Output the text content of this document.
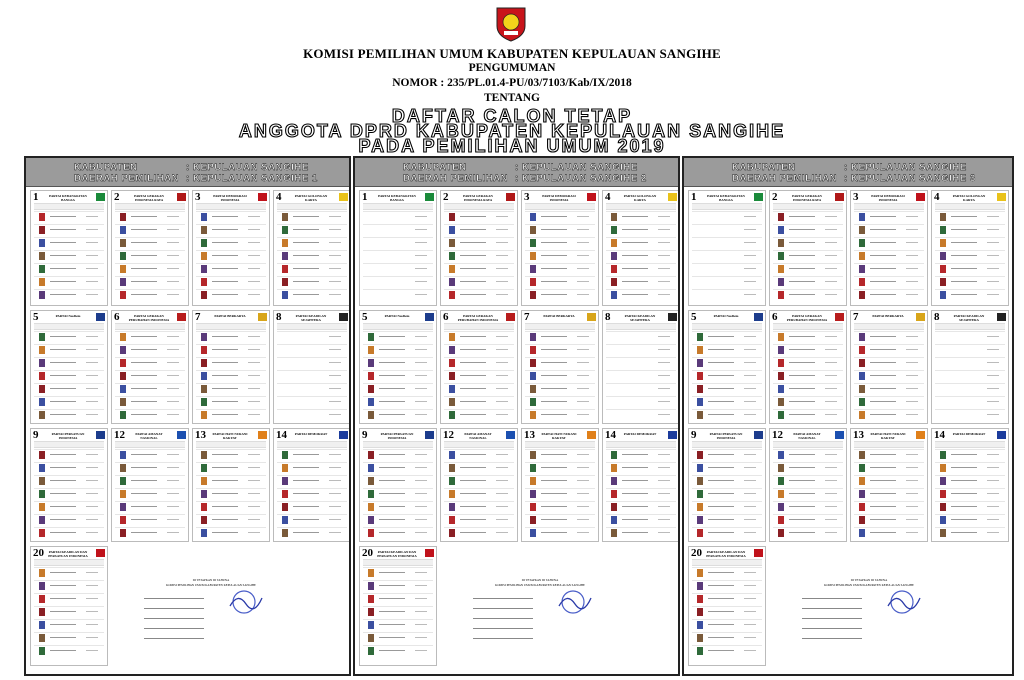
KOMISI PEMILIHAN UMUM KABUPATEN KEPULAUAN SANGIHE
PENGUMUMAN
NOMOR : 235/PL.01.4-PU/03/7103/Kab/IX/2018
TENTANG
DAFTAR CALON TETAP
ANGGOTA DPRD KABUPATEN KEPULAUAN SANGIHE
PADA PEMILIHAN UMUM 2019
KABUPATEN	: KEPULAUAN SANGIHE
DAERAH PEMILIHAN : KEPULAUAN SANGIHE 1
1	PARTAI KEBANGKITAN BANGSA	2	PARTAI GERAKAN INDONESIA RAYA	3	PARTAI DEMOKRASI INDONESIA	4	PARTAI GOLONGAN KARYA
5	PARTAI NasDem	6	PARTAI GERAKAN PERUBAHAN INDONESIA 7	PARTAI BERKARYA	8	PARTAI KEADILAN SEJAHTERA
9	PARTAI PERSATUAN INDONESIA	12	PARTAI AMANAT NASIONAL	13	PARTAI HATI NURANI RAKYAT	14	PARTAI DEMOKRAT
20	PARTAI KEADILAN DAN PERSATUAN INDONESIA
DI TETAPKAN DI TAHUNA
KOMISI PEMILIHAN UMUM KABUPATEN KEPULAUAN SANGIHE
KABUPATEN	: KEPULAUAN SANGIHE
DAERAH PEMILIHAN : KEPULAUAN SANGIHE 2
1	PARTAI KEBANGKITAN BANGSA	2	PARTAI GERAKAN INDONESIA RAYA	3	PARTAI DEMOKRASI INDONESIA	4	PARTAI GOLONGAN KARYA
5	PARTAI NasDem	6	PARTAI GERAKAN PERUBAHAN INDONESIA 7	PARTAI BERKARYA	8	PARTAI KEADILAN SEJAHTERA
9	PARTAI PERSATUAN INDONESIA	12	PARTAI AMANAT NASIONAL	13	PARTAI HATI NURANI RAKYAT	14	PARTAI DEMOKRAT
20	PARTAI KEADILAN DAN PERSATUAN INDONESIA
DI TETAPKAN DI TAHUNA
KOMISI PEMILIHAN UMUM KABUPATEN KEPULAUAN SANGIHE
KABUPATEN	: KEPULAUAN SANGIHE
DAERAH PEMILIHAN : KEPULAUAN SANGIHE 3
1	PARTAI KEBANGKITAN BANGSA	2	PARTAI GERAKAN INDONESIA RAYA	3	PARTAI DEMOKRASI INDONESIA	4	PARTAI GOLONGAN KARYA
5	PARTAI NasDem	6	PARTAI GERAKAN PERUBAHAN INDONESIA 7	PARTAI BERKARYA	8	PARTAI KEADILAN SEJAHTERA
9	PARTAI PERSATUAN INDONESIA	12	PARTAI AMANAT NASIONAL	13	PARTAI HATI NURANI RAKYAT	14	PARTAI DEMOKRAT
20	PARTAI KEADILAN DAN PERSATUAN INDONESIA
DI TETAPKAN DI TAHUNA
KOMISI PEMILIHAN UMUM KABUPATEN KEPULAUAN SANGIHE
